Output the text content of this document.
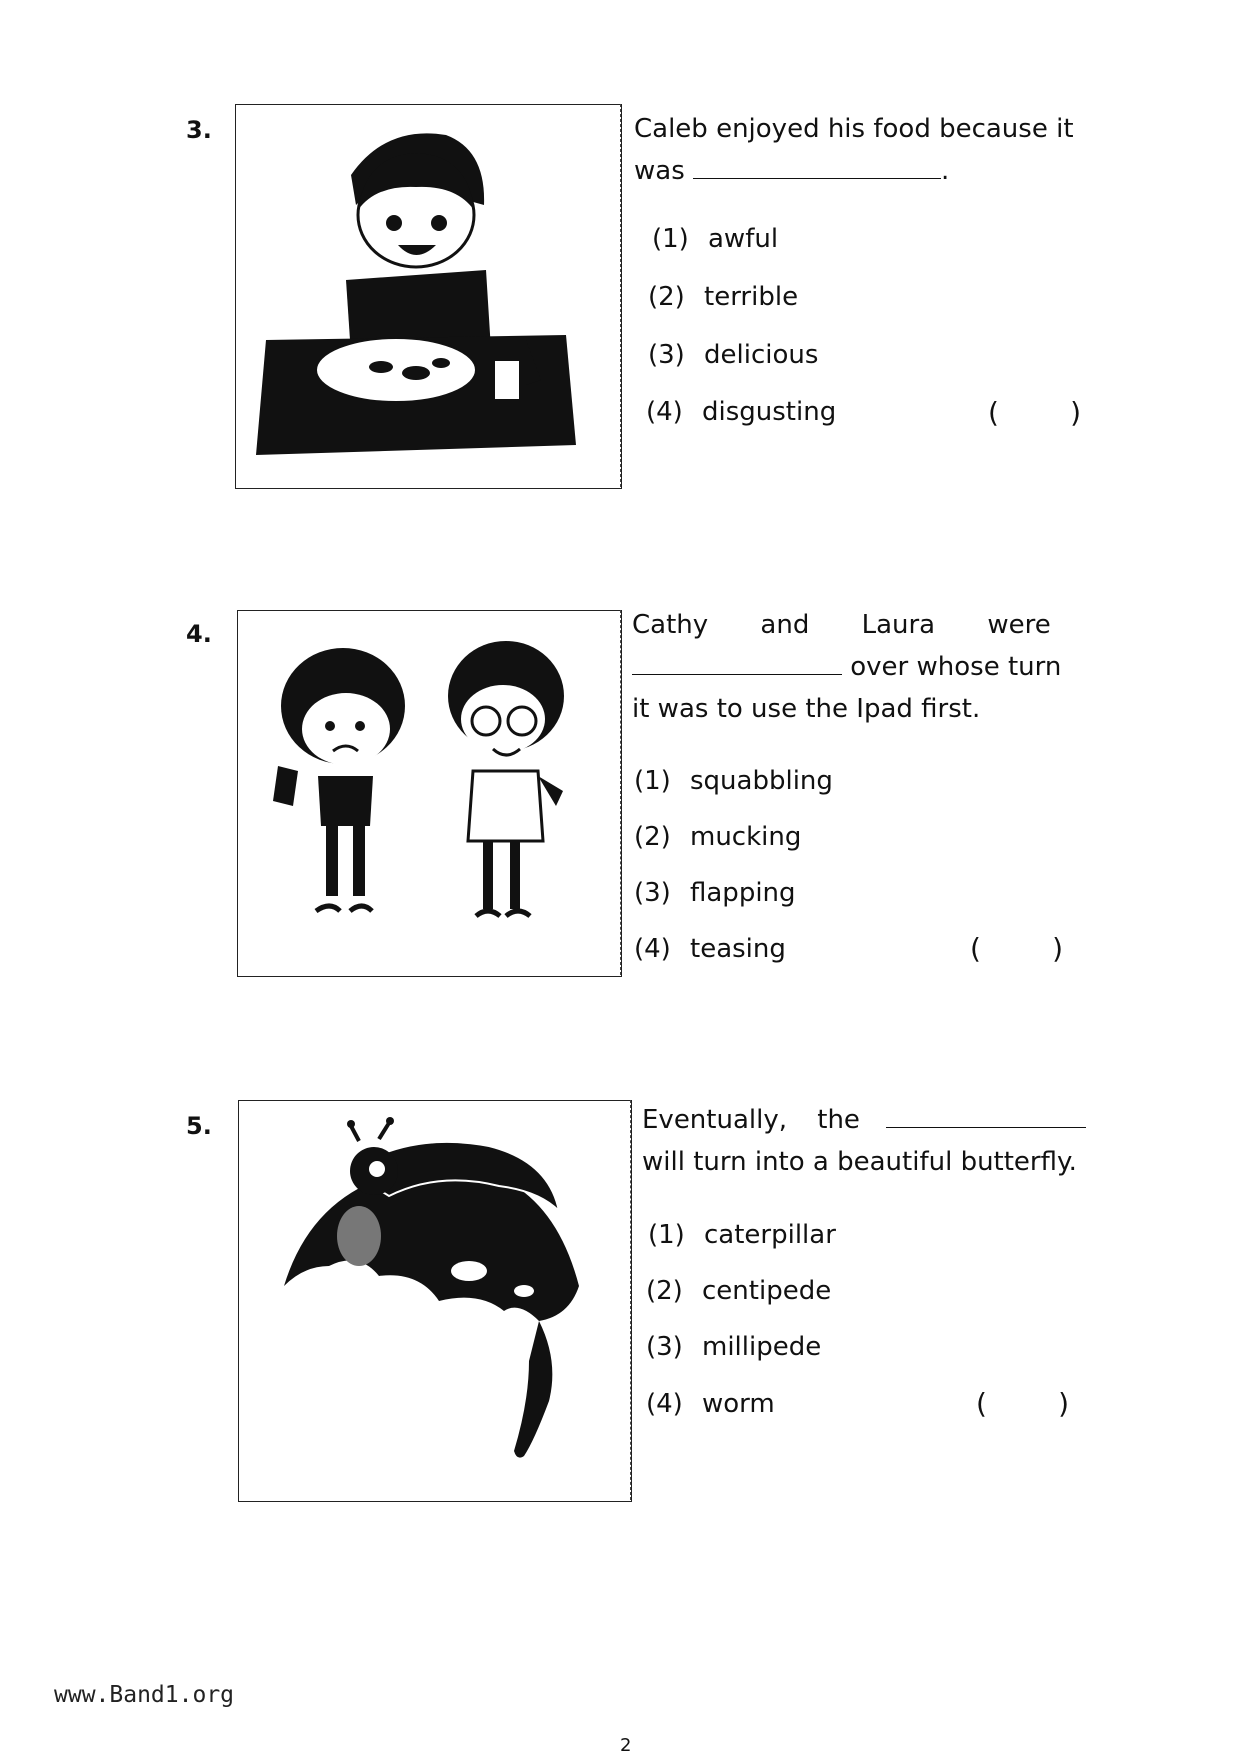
3.	Caleb enjoyed his food because it
was	.
(1) awful
(2) terrible
(3) delicious
(4) disgusting	(        )
4.	Cathy and Laura were
over whose turn
it was to use the Ipad first.
(1) squabbling
(2) mucking
(3) flapping
(4) teasing	(        )
5.	Eventually, the
will turn into a beautiful butterfly.
(1) caterpillar
(2) centipede
(3) millipede
(4) worm	(        )
www.Band1.org
2
